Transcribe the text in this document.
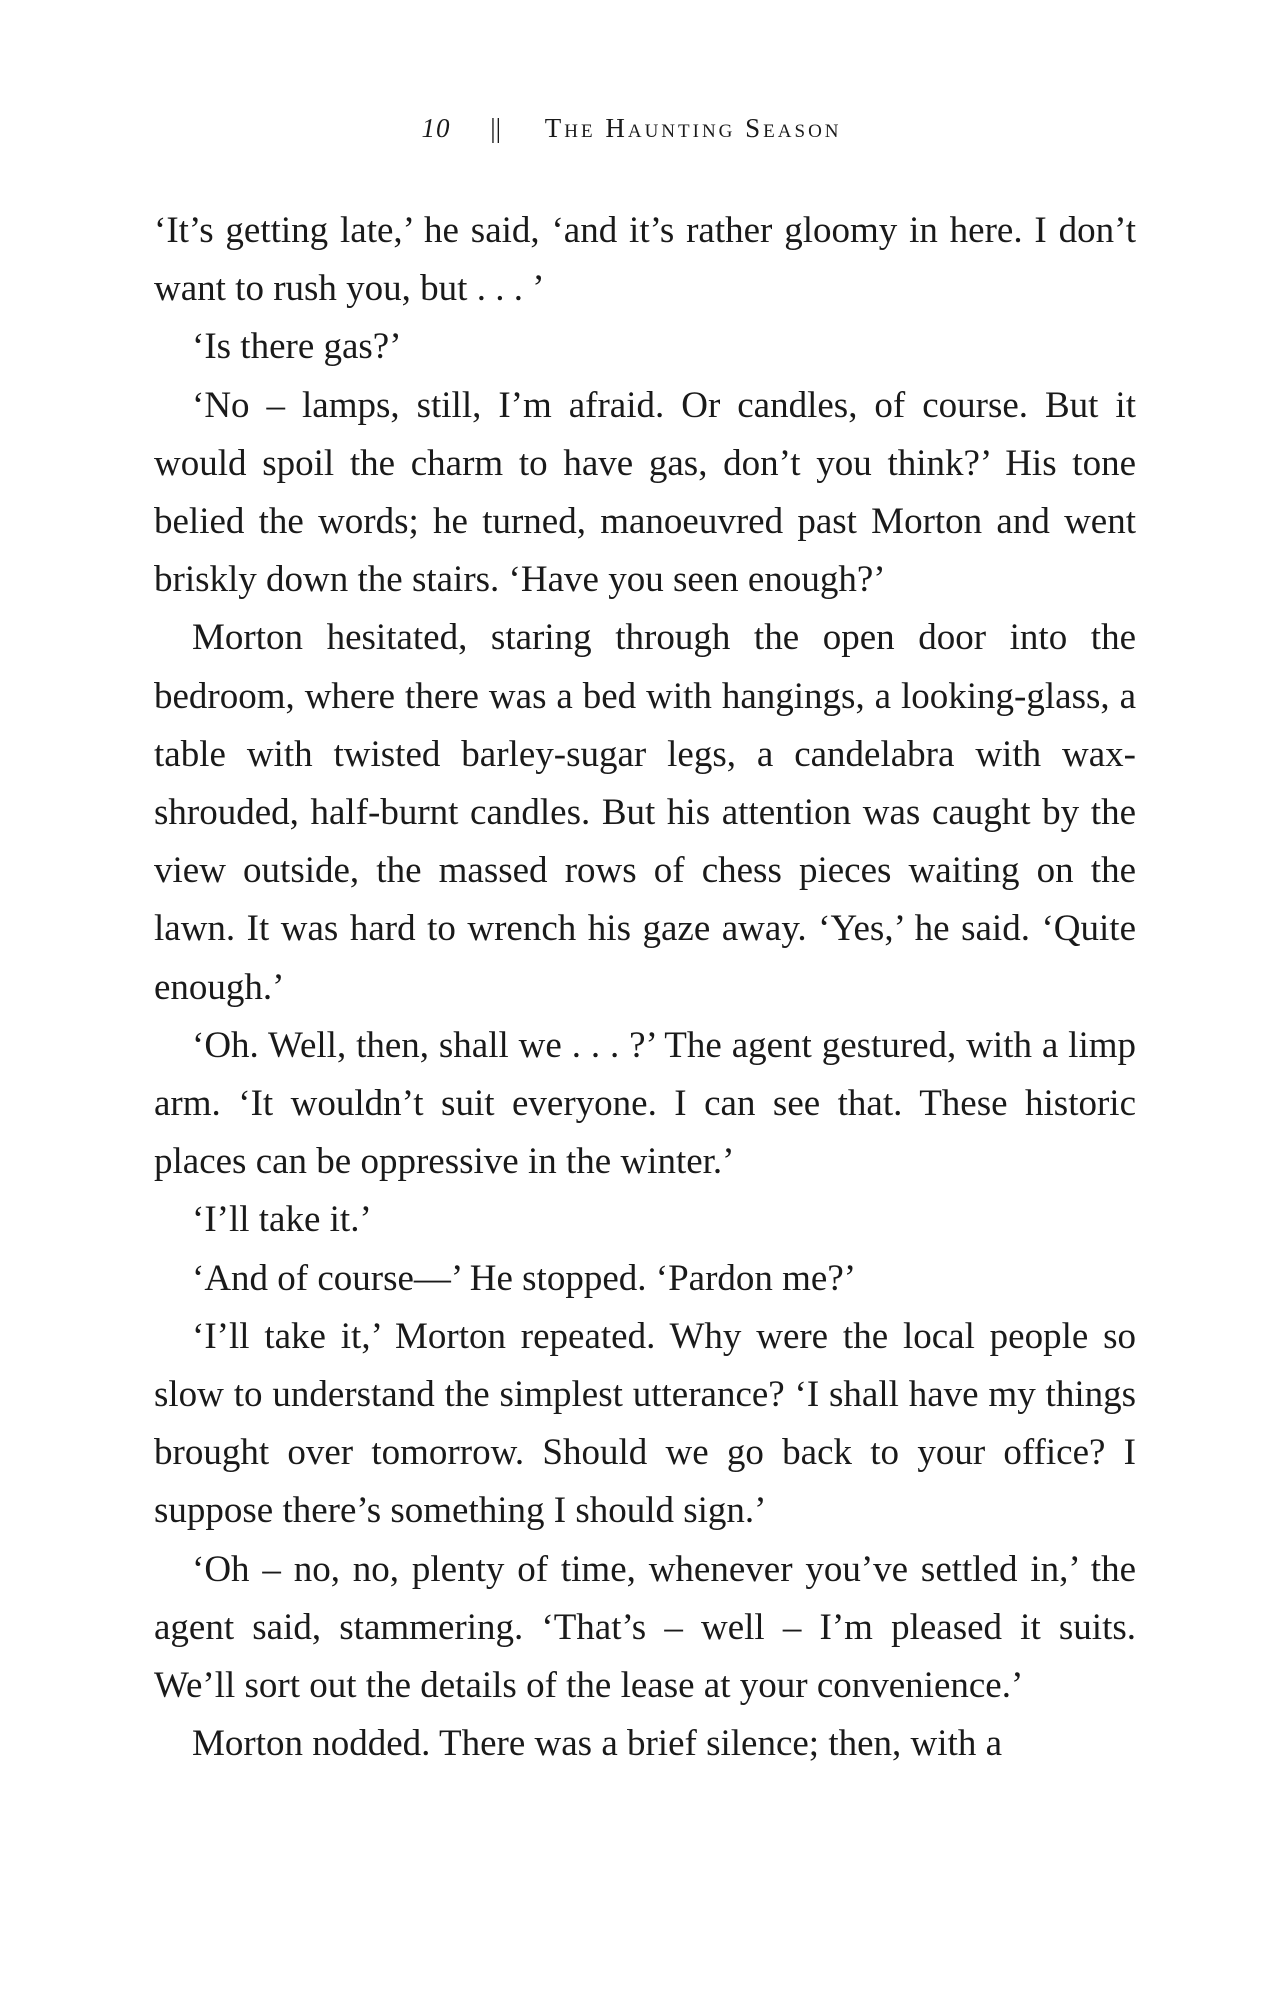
10 || The Haunting Season

‘It’s getting late,’ he said, ‘and it’s rather gloomy in here. I don’t want to rush you, but . . . ’

‘Is there gas?’

‘No – lamps, still, I’m afraid. Or candles, of course. But it would spoil the charm to have gas, don’t you think?’ His tone belied the words; he turned, manoeuvred past Morton and went briskly down the stairs. ‘Have you seen enough?’

Morton hesitated, staring through the open door into the bedroom, where there was a bed with hangings, a looking-glass, a table with twisted barley-sugar legs, a candelabra with wax-shrouded, half-burnt candles. But his attention was caught by the view outside, the massed rows of chess pieces waiting on the lawn. It was hard to wrench his gaze away. ‘Yes,’ he said. ‘Quite enough.’

‘Oh. Well, then, shall we . . . ?’ The agent gestured, with a limp arm. ‘It wouldn’t suit everyone. I can see that. These historic places can be oppressive in the winter.’

‘I’ll take it.’

‘And of course—’ He stopped. ‘Pardon me?’

‘I’ll take it,’ Morton repeated. Why were the local people so slow to understand the simplest utterance? ‘I shall have my things brought over tomorrow. Should we go back to your office? I suppose there’s something I should sign.’

‘Oh – no, no, plenty of time, whenever you’ve settled in,’ the agent said, stammering. ‘That’s – well – I’m pleased it suits. We’ll sort out the details of the lease at your convenience.’

Morton nodded. There was a brief silence; then, with a
